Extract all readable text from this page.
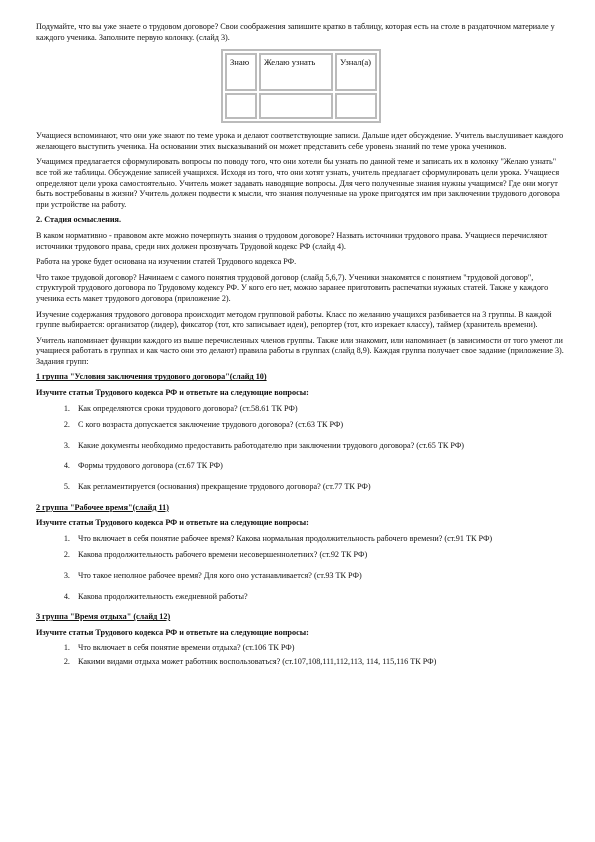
Подумайте, что вы уже знаете о трудовом договоре? Свои соображения запишите кратко в таблицу, которая есть на столе в раздаточном материале у каждого ученика. Заполните первую колонку. (слайд 3).

Знаю	Желаю узнать	Узнал(а)

Учащиеся вспоминают, что они уже знают по теме урока и делают соответствующие записи. Дальше идет обсуждение. Учитель выслушивает каждого желающего выступить ученика. На основании этих высказываний он может представить себе уровень знаний по теме урока учеников.

Учащимся предлагается сформулировать вопросы по поводу того, что они хотели бы узнать по данной теме и записать их в колонку "Желаю узнать" все той же таблицы. Обсуждение записей учащихся. Исходя из того, что они хотят узнать, учитель предлагает сформулировать цели урока. Учащиеся определяют цели урока самостоятельно. Учитель может задавать наводящие вопросы. Для чего полученные знания нужны учащимся? Где они могут быть востребованы в жизни? Учитель должен подвести к мысли, что знания полученные на уроке пригодятся им при заключении трудового договора при устройстве на работу.

2. Стадия осмысления.

В каком нормативно - правовом акте можно почерпнуть знания о трудовом договоре? Назвать источники трудового права. Учащиеся перечисляют источники трудового права, среди них должен прозвучать Трудовой кодекс РФ (слайд 4).

Работа на уроке будет основана на изучении статей Трудового кодекса РФ.

Что такое трудовой договор? Начинаем с самого понятия трудовой договор (слайд 5,6,7). Ученики знакомятся с понятием "трудовой договор", структурой трудового договора по Трудовому кодексу РФ. У кого его нет, можно заранее приготовить распечатки нужных статей. Также у каждого ученика есть макет трудового договора (приложение 2).

Изучение содержания трудового договора происходит методом групповой работы. Класс по желанию учащихся разбивается на 3 группы. В каждой группе выбирается: организатор (лидер), фиксатор (тот, кто записывает идеи), репортер (тот, кто изрекает классу), таймер (хранитель времени).

Учитель напоминает функции каждого из выше перечисленных членов группы. Также или знакомит, или напоминает (в зависимости от того умеют ли учащиеся работать в группах и как часто они это делают) правила работы в группах (слайд 8,9). Каждая группа получает свое задание (приложение 3). Задания групп:

1 группа "Условия заключения трудового договора"(слайд 10)

Изучите статьи Трудового кодекса РФ и ответьте на следующие вопросы:

1. Как определяются сроки трудового договора? (ст.58.61 ТК РФ)
2. С кого возраста допускается заключение трудового договора? (ст.63 ТК РФ)
3. Какие документы необходимо предоставить работодателю при заключении трудового договора? (ст.65 ТК РФ)
4. Формы трудового договора (ст.67 ТК РФ)
5. Как регламентируется (основания) прекращение трудового договора? (ст.77 ТК РФ)

2 группа "Рабочее время"(слайд 11)

Изучите статьи Трудового кодекса РФ и ответьте на следующие вопросы:

1. Что включает в себя понятие рабочее время? Какова нормальная продолжительность рабочего времени? (ст.91 ТК РФ)
2. Какова продолжительность рабочего времени несовершеннолетних? (ст.92 ТК РФ)
3. Что такое неполное рабочее время? Для кого оно устанавливается? (ст.93 ТК РФ)
4. Какова продолжительность ежедневной работы?

3 группа "Время отдыха" (слайд 12)

Изучите статьи Трудового кодекса РФ и ответьте на следующие вопросы:

1. Что включает в себя понятие времени отдыха? (ст.106 ТК РФ)
2. Какими видами отдыха может работник воспользоваться? (ст.107,108,111,112,113, 114, 115,116 ТК РФ)
